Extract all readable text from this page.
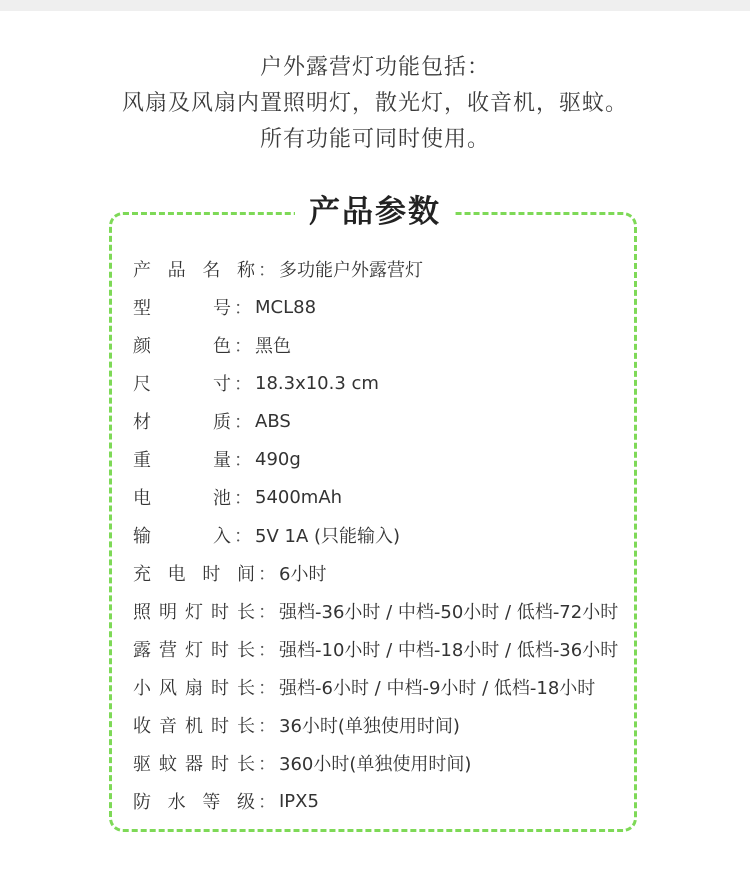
户外露营灯功能包括：
风扇及风扇内置照明灯，散光灯，收音机，驱蚊。
所有功能可同时使用。
产品参数
产 品 名 称 ： 多功能户外露营灯
型	号 ： MCL88
颜	色 ： 黑色
尺	寸 ： 18.3x10.3 cm
材	质 ： ABS
重	量 ： 490g
电	池 ： 5400mAh
输	入 ： 5V 1A (只能输入)
充 电 时 间 ： 6小时
照 明 灯 时 长 ： 强档-36小时 / 中档-50小时 / 低档-72小时
露 营 灯 时 长 ： 强档-10小时 / 中档-18小时 / 低档-36小时
小 风 扇 时 长 ： 强档-6小时 / 中档-9小时 / 低档-18小时
收 音 机 时 长 ： 36小时(单独使用时间)
驱 蚊 器 时 长 ： 360小时(单独使用时间)
防 水 等 级 ： IPX5
